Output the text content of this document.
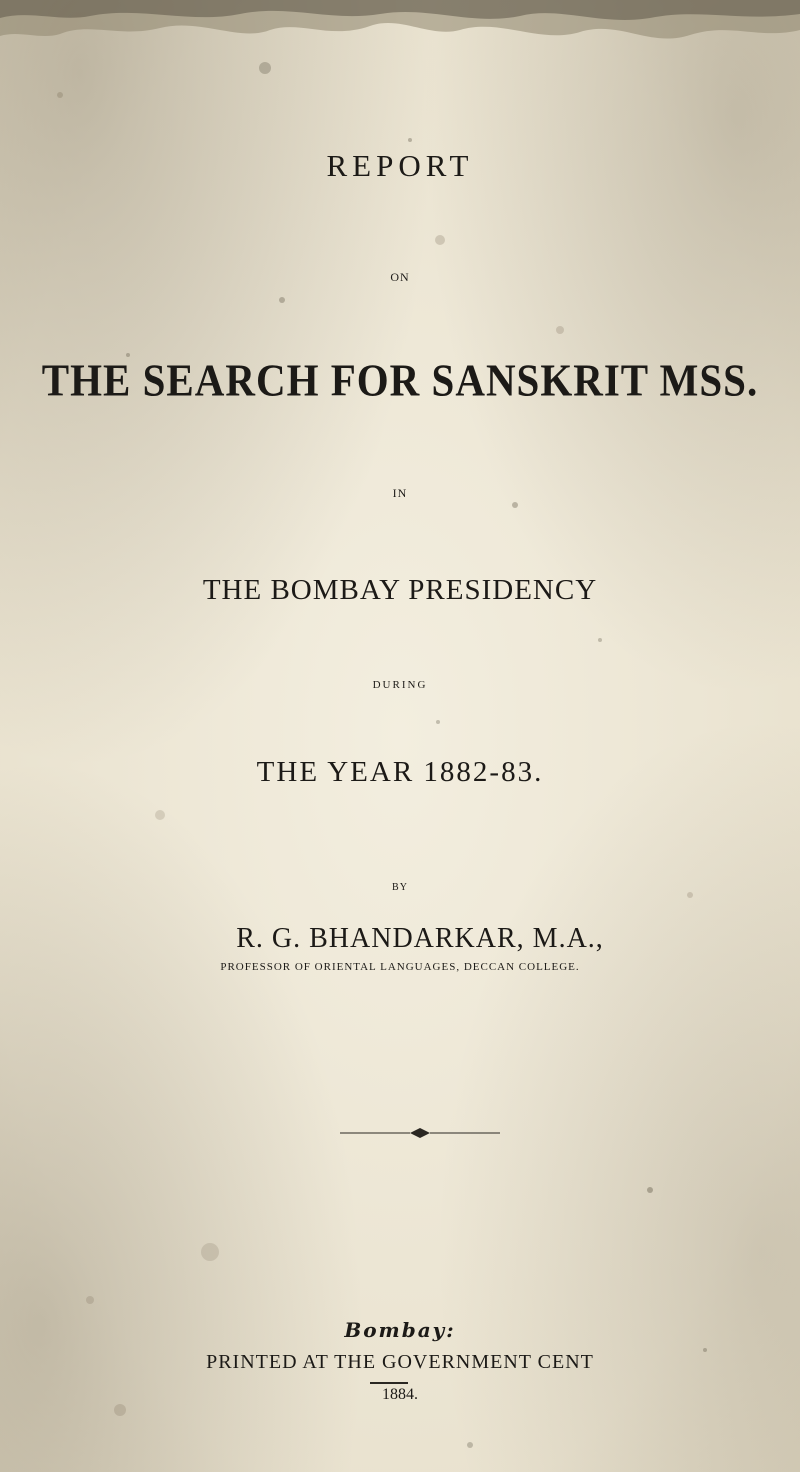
REPORT
ON
THE SEARCH FOR SANSKRIT MSS.
IN
THE BOMBAY PRESIDENCY
DURING
THE YEAR 1882-83.
BY
R. G. BHANDARKAR, M.A.,
PROFESSOR OF ORIENTAL LANGUAGES, DECCAN COLLEGE.
Bombay:
PRINTED AT THE GOVERNMENT CENT
1884.
